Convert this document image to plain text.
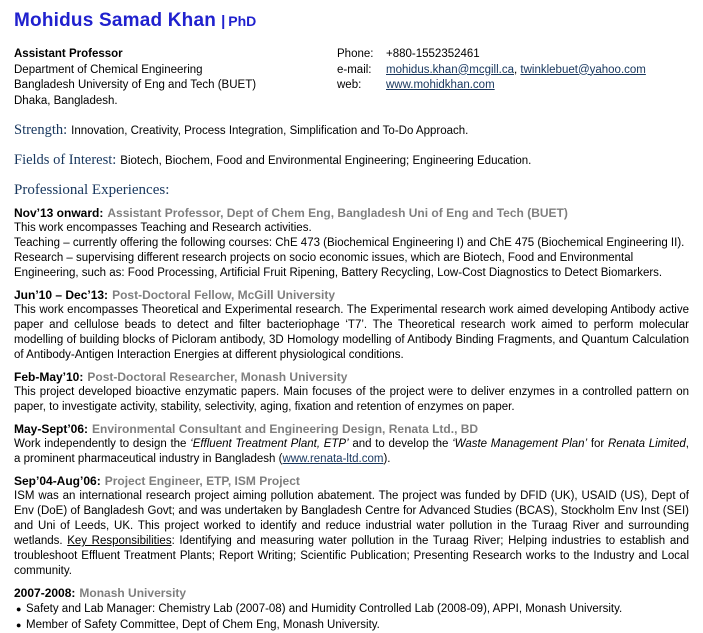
Mohidus Samad Khan | PhD
Assistant Professor
Department of Chemical Engineering
Bangladesh University of Eng and Tech (BUET)
Dhaka, Bangladesh.
Phone:	+880-1552352461
e-mail:	mohidus.khan@mcgill.ca, twinklebuet@yahoo.com
web:	www.mohidkhan.com
Strength: Innovation, Creativity, Process Integration, Simplification and To-Do Approach.
Fields of Interest: Biotech, Biochem, Food and Environmental Engineering; Engineering Education.
Professional Experiences:
Nov’13 onward: Assistant Professor, Dept of Chem Eng, Bangladesh Uni of Eng and Tech (BUET)
This work encompasses Teaching and Research activities.
Teaching – currently offering the following courses: ChE 473 (Biochemical Engineering I) and ChE 475 (Biochemical Engineering II).
Research – supervising different research projects on socio economic issues, which are Biotech, Food and Environmental Engineering, such as: Food Processing, Artificial Fruit Ripening, Battery Recycling, Low-Cost Diagnostics to Detect Biomarkers.
Jun’10 – Dec’13: Post-Doctoral Fellow, McGill University
This work encompasses Theoretical and Experimental research. The Experimental research work aimed developing Antibody active paper and cellulose beads to detect and filter bacteriophage ‘T7’. The Theoretical research work aimed to perform molecular modelling of building blocks of Picloram antibody, 3D Homology modelling of Antibody Binding Fragments, and Quantum Calculation of Antibody-Antigen Interaction Energies at different physiological conditions.
Feb-May’10: Post-Doctoral Researcher, Monash University
This project developed bioactive enzymatic papers. Main focuses of the project were to deliver enzymes in a controlled pattern on paper, to investigate activity, stability, selectivity, aging, fixation and retention of enzymes on paper.
May-Sept’06: Environmental Consultant and Engineering Design, Renata Ltd., BD
Work independently to design the ‘Effluent Treatment Plant, ETP’ and to develop the ‘Waste Management Plan’ for Renata Limited, a prominent pharmaceutical industry in Bangladesh (www.renata-ltd.com).
Sep’04-Aug’06: Project Engineer, ETP, ISM Project
ISM was an international research project aiming pollution abatement. The project was funded by DFID (UK), USAID (US), Dept of Env (DoE) of Bangladesh Govt; and was undertaken by Bangladesh Centre for Advanced Studies (BCAS), Stockholm Env Inst (SEI) and Uni of Leeds, UK. This project worked to identify and reduce industrial water pollution in the Turaag River and surrounding wetlands. Key Responsibilities: Identifying and measuring water pollution in the Turaag River; Helping industries to establish and troubleshoot Effluent Treatment Plants; Report Writing; Scientific Publication; Presenting Research works to the Industry and Local community.
2007-2008: Monash University
● Safety and Lab Manager: Chemistry Lab (2007-08) and Humidity Controlled Lab (2008-09), APPI, Monash University.
● Member of Safety Committee, Dept of Chem Eng, Monash University.
